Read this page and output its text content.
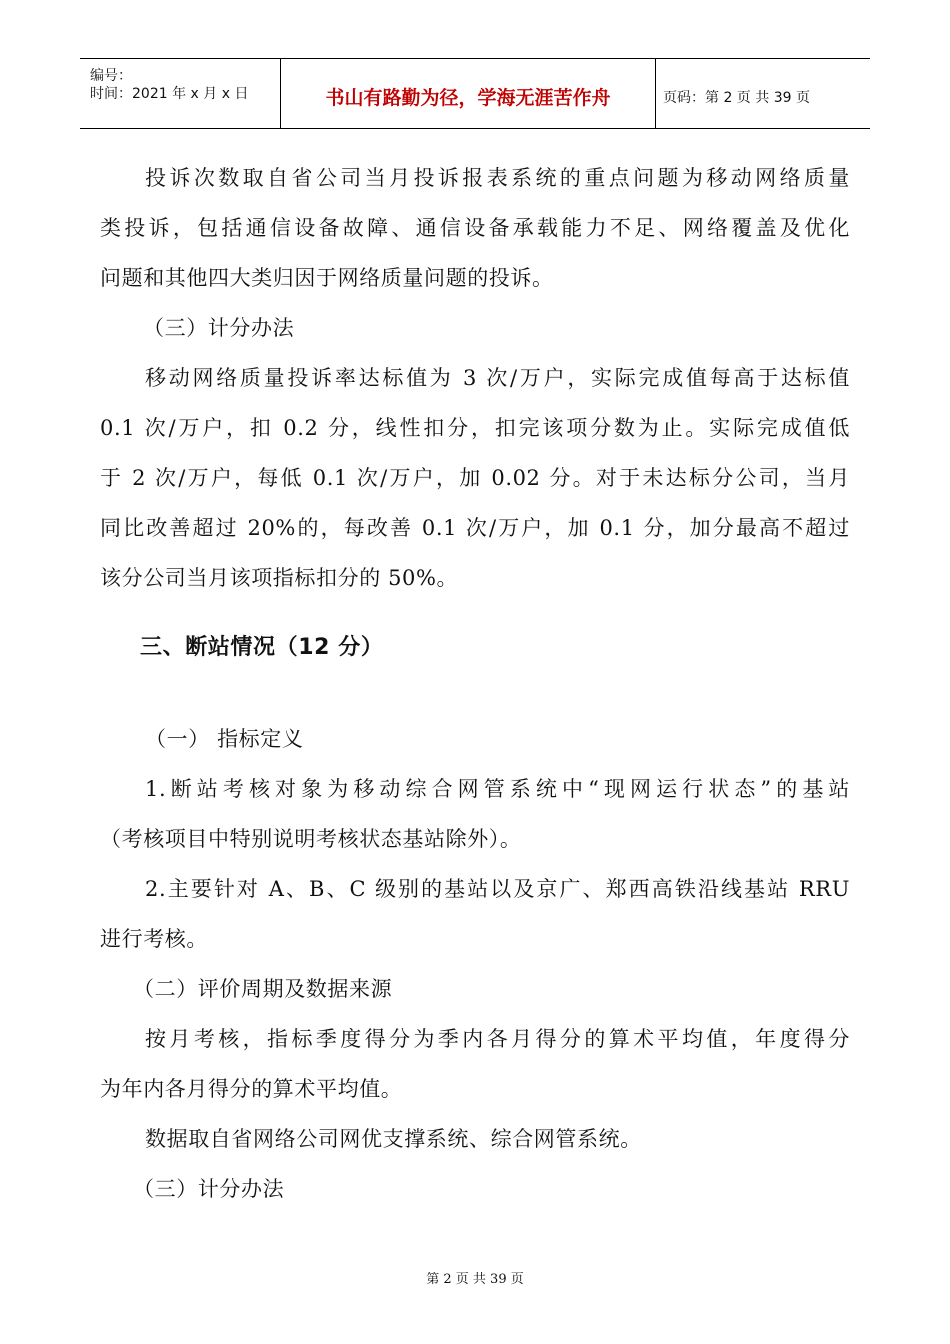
编号：
时间：2021 年 x 月 x 日	书山有路勤为径，学海无涯苦作舟	页码：第 2 页 共 39 页
投诉次数取自省公司当月投诉报表系统的重点问题为移动网络质量
类投诉，包括通信设备故障、通信设备承载能力不足、网络覆盖及优化
问题和其他四大类归因于网络质量问题的投诉。
（三）计分办法
移动网络质量投诉率达标值为 3 次/万户，实际完成值每高于达标值
0.1 次/万户，扣 0.2 分，线性扣分，扣完该项分数为止。实际完成值低
于 2 次/万户，每低 0.1 次/万户，加 0.02 分。对于未达标分公司，当月
同比改善超过 20%的，每改善 0.1 次/万户，加 0.1 分，加分最高不超过
该分公司当月该项指标扣分的 50%。
三、断站情况（12 分）
（一） 指标定义
1.断站考核对象为移动综合网管系统中“现网运行状态”的基站
（考核项目中特别说明考核状态基站除外）。
2.主要针对 A、B、C 级别的基站以及京广、郑西高铁沿线基站 RRU
进行考核。
（二）评价周期及数据来源
按月考核，指标季度得分为季内各月得分的算术平均值，年度得分
为年内各月得分的算术平均值。
数据取自省网络公司网优支撑系统、综合网管系统。
（三）计分办法
第 2 页 共 39 页
